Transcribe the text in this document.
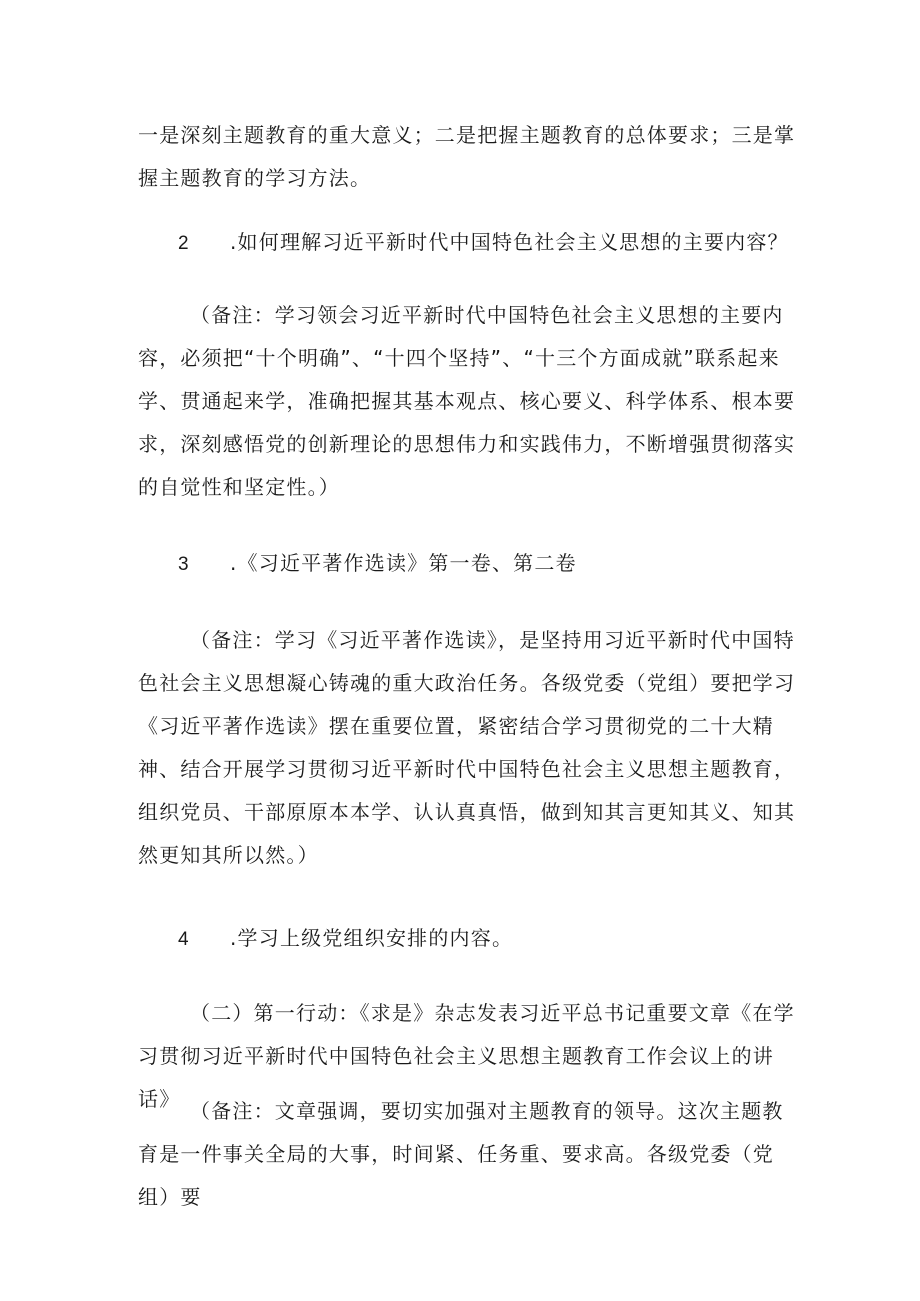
一是深刻主题教育的重大意义；二是把握主题教育的总体要求；三是掌握主题教育的学习方法。

2 .如何理解习近平新时代中国特色社会主义思想的主要内容？

（备注：学习领会习近平新时代中国特色社会主义思想的主要内容，必须把“十个明确”、“十四个坚持”、“十三个方面成就”联系起来学、贯通起来学，准确把握其基本观点、核心要义、科学体系、根本要求，深刻感悟党的创新理论的思想伟力和实践伟力，不断增强贯彻落实的自觉性和坚定性。）

3 .《习近平著作选读》第一卷、第二卷

（备注：学习《习近平著作选读》，是坚持用习近平新时代中国特色社会主义思想凝心铸魂的重大政治任务。各级党委（党组）要把学习《习近平著作选读》摆在重要位置，紧密结合学习贯彻党的二十大精神、结合开展学习贯彻习近平新时代中国特色社会主义思想主题教育，组织党员、干部原原本本学、认认真真悟，做到知其言更知其义、知其然更知其所以然。）

4 .学习上级党组织安排的内容。

（二）第一行动：《求是》杂志发表习近平总书记重要文章《在学习贯彻习近平新时代中国特色社会主义思想主题教育工作会议上的讲话》 （备注：文章强调，要切实加强对主题教育的领导。这次主题教育是一件事关全局的大事，时间紧、任务重、要求高。各级党委（党组）要
